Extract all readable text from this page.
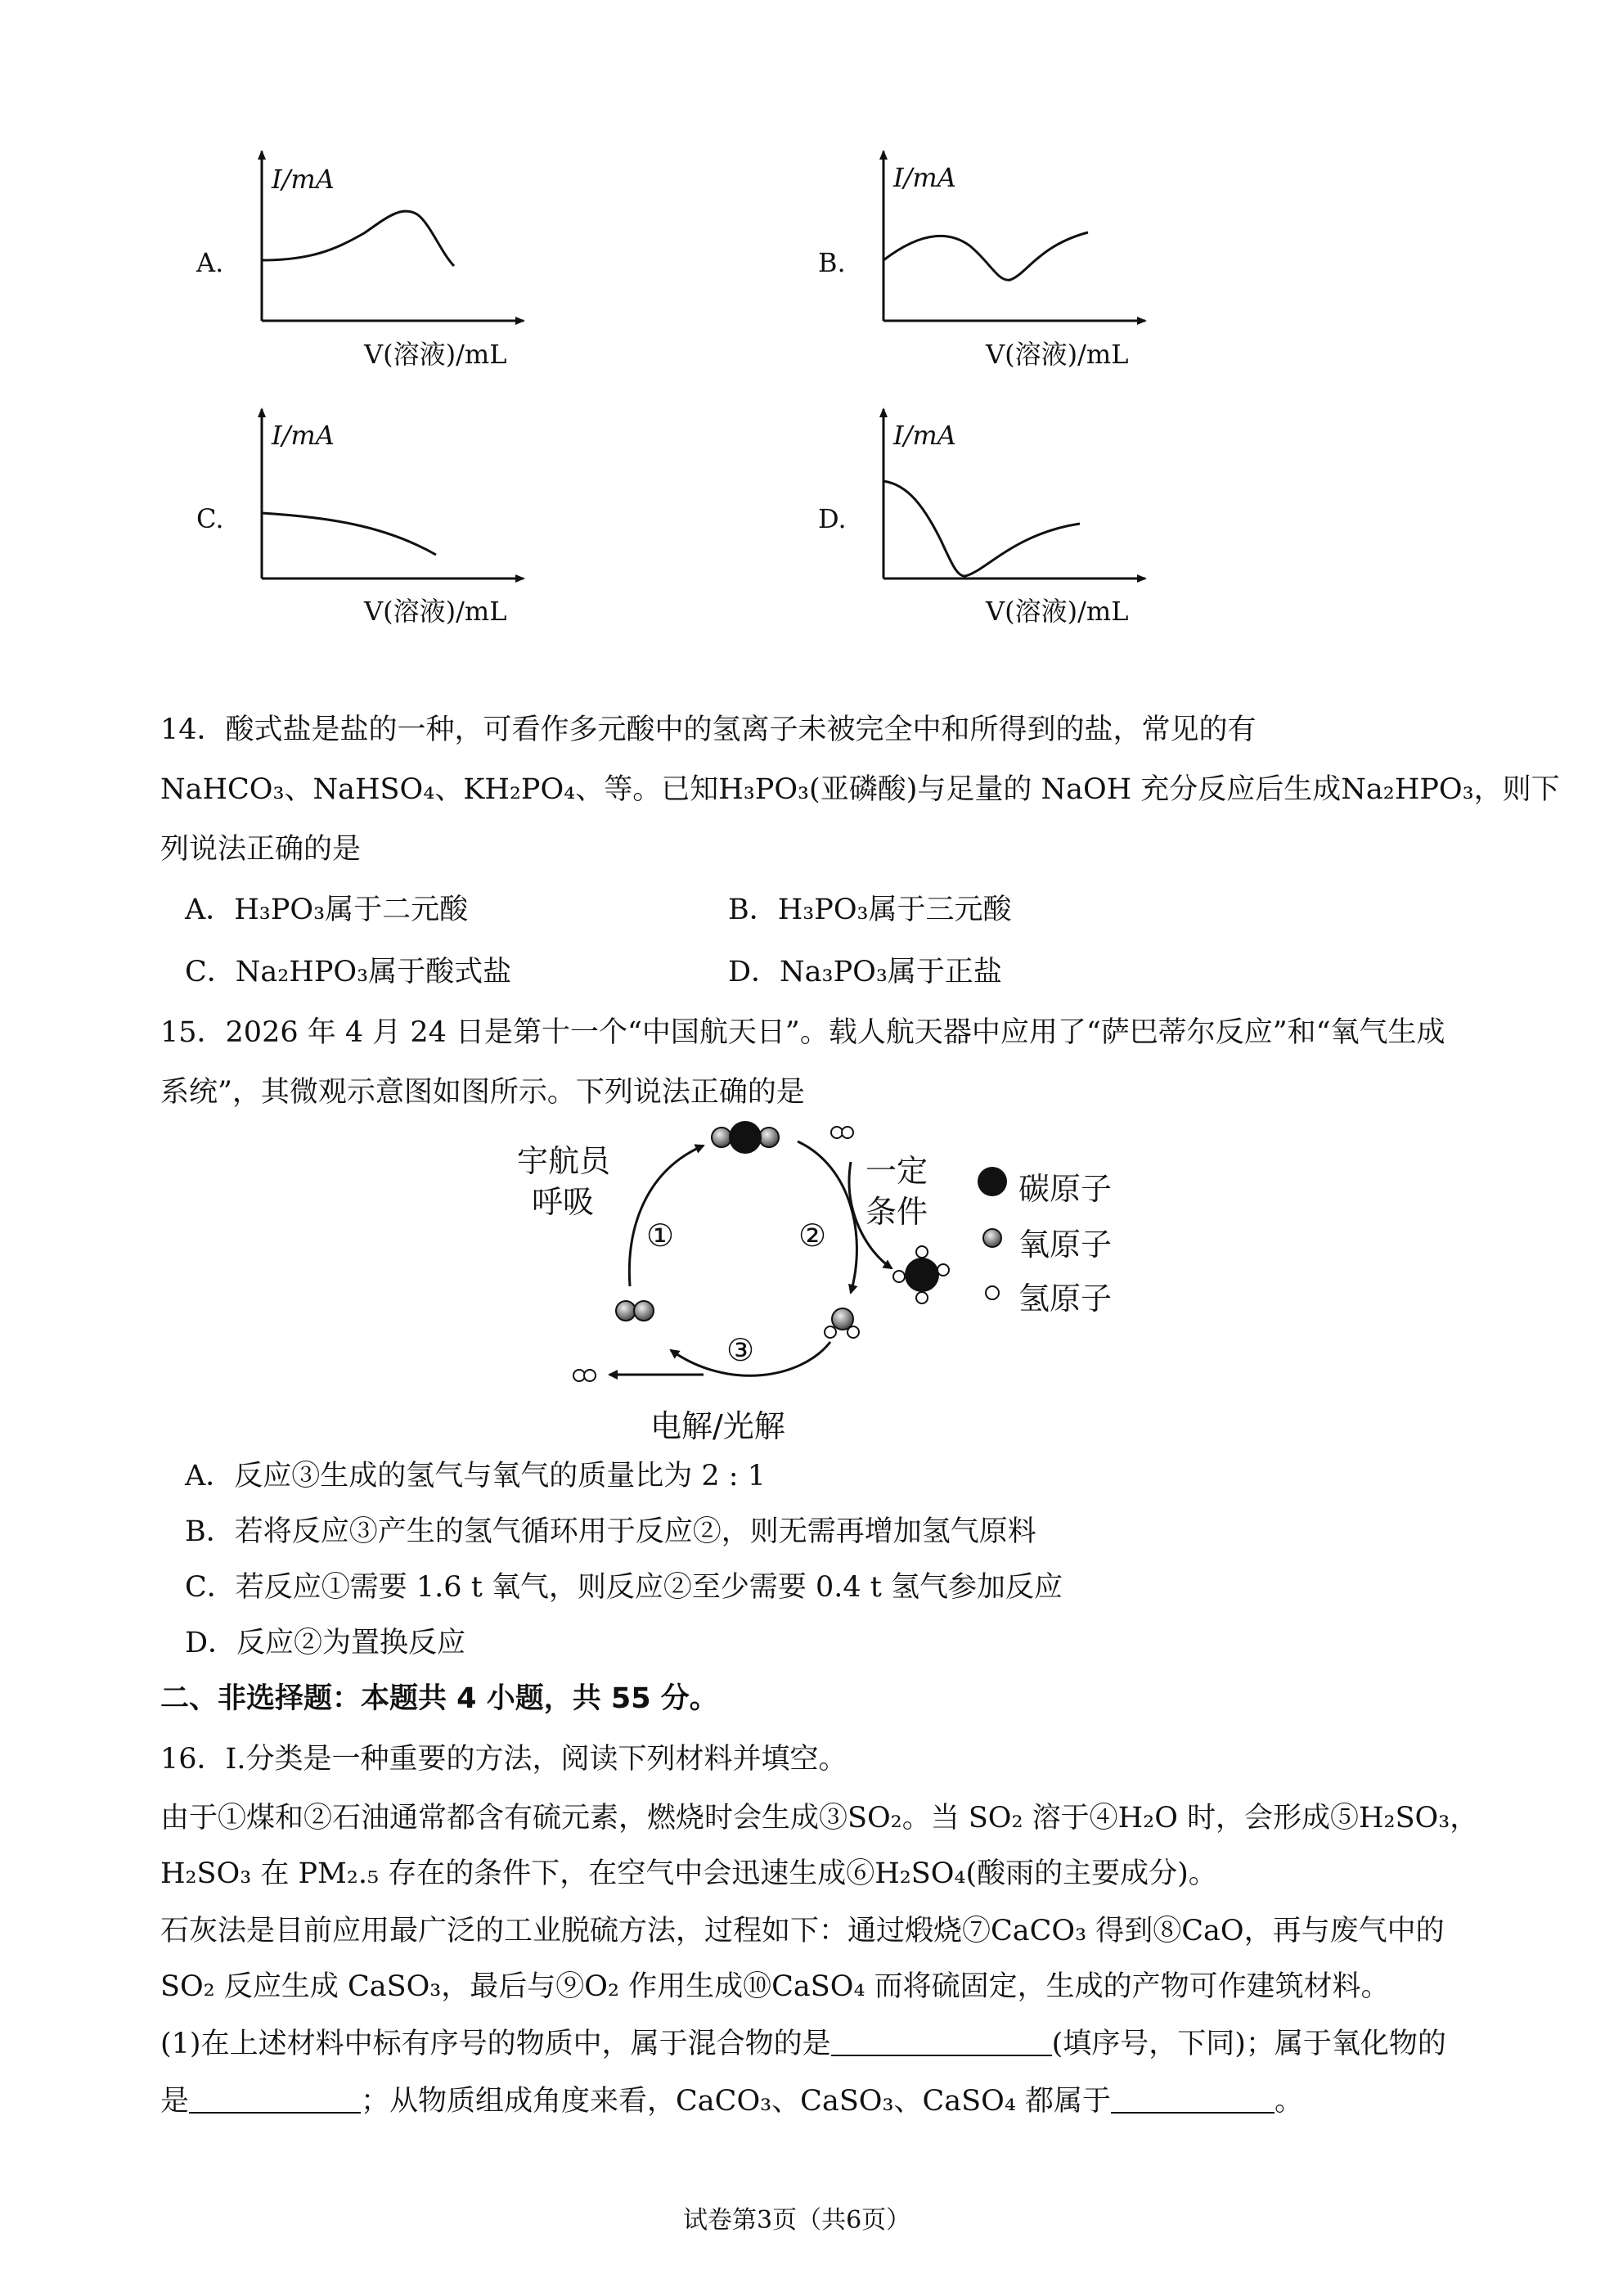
A.
I/mA
V(溶液)/mL
B.
I/mA
V(溶液)/mL
C.
I/mA
V(溶液)/mL
D.
I/mA
V(溶液)/mL
14．酸式盐是盐的一种，可看作多元酸中的氢离子未被完全中和所得到的盐，常见的有
NaHCO₃、NaHSO₄、KH₂PO₄、等。已知H₃PO₃(亚磷酸)与足量的 NaOH 充分反应后生成Na₂HPO₃，则下
列说法正确的是
A．H₃PO₃属于二元酸	B．H₃PO₃属于三元酸
C．Na₂HPO₃属于酸式盐	D．Na₃PO₃属于正盐
15．2026 年 4 月 24 日是第十一个“中国航天日”。载人航天器中应用了“萨巴蒂尔反应”和“氧气生成
系统”，其微观示意图如图所示。下列说法正确的是
宇航员
呼吸
一定
条件
①	②
③
电解/光解
碳原子
氧原子
氢原子
A．反应③生成的氢气与氧气的质量比为 2 : 1
B．若将反应③产生的氢气循环用于反应②，则无需再增加氢气原料
C．若反应①需要 1.6 t 氧气，则反应②至少需要 0.4 t 氢气参加反应
D．反应②为置换反应
二、非选择题：本题共 4 小题，共 55 分。
16．Ⅰ.分类是一种重要的方法，阅读下列材料并填空。
由于①煤和②石油通常都含有硫元素，燃烧时会生成③SO₂。当 SO₂ 溶于④H₂O 时，会形成⑤H₂SO₃，
H₂SO₃ 在 PM₂.₅ 存在的条件下，在空气中会迅速生成⑥H₂SO₄(酸雨的主要成分)。
石灰法是目前应用最广泛的工业脱硫方法，过程如下：通过煅烧⑦CaCO₃ 得到⑧CaO，再与废气中的
SO₂ 反应生成 CaSO₃，最后与⑨O₂ 作用生成⑩CaSO₄ 而将硫固定，生成的产物可作建筑材料。
(1)在上述材料中标有序号的物质中，属于混合物的是	(填序号，下同)；属于氧化物的
是	；从物质组成角度来看，CaCO₃、CaSO₃、CaSO₄ 都属于	。
试卷第3页（共6页）
